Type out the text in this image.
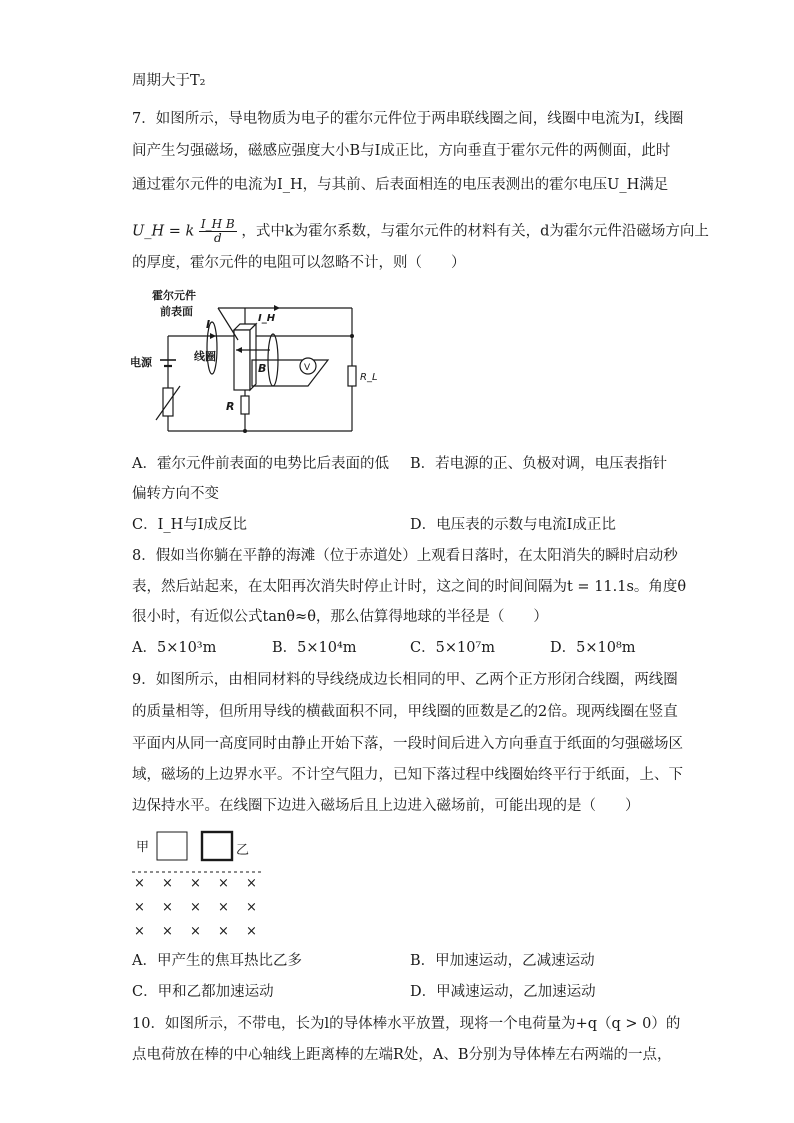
周期大于T₂
7．如图所示，导电物质为电子的霍尔元件位于两串联线圈之间，线圈中电流为I，线圈
间产生匀强磁场，磁感应强度大小B与I成正比，方向垂直于霍尔元件的两侧面，此时
通过霍尔元件的电流为I_H，与其前、后表面相连的电压表测出的霍尔电压U_H满足
U_H = k $\frac{\text{I\_H B}}{d}$ ，式中k为霍尔系数，与霍尔元件的材料有关，d为霍尔元件沿磁场方向上
的厚度，霍尔元件的电阻可以忽略不计，则（　　）
霍尔元件
前表面
I	I_H
电源	线圈
B	V
R
R_L
A．霍尔元件前表面的电势比后表面的低 B．若电源的正、负极对调，电压表指针
偏转方向不变
C．I_H与I成反比	D．电压表的示数与电流I成正比
8．假如当你躺在平静的海滩（位于赤道处）上观看日落时，在太阳消失的瞬时启动秒
表，然后站起来，在太阳再次消失时停止计时，这之间的时间间隔为t = 11.1s。角度θ
很小时，有近似公式tanθ≈θ，那么估算得地球的半径是（　　）
A．5×10³m	B．5×10⁴m	C．5×10⁷m	D．5×10⁸m
9．如图所示，由相同材料的导线绕成边长相同的甲、乙两个正方形闭合线圈，两线圈
的质量相等，但所用导线的横截面积不同，甲线圈的匝数是乙的2倍。现两线圈在竖直
平面内从同一高度同时由静止开始下落，一段时间后进入方向垂直于纸面的匀强磁场区
域，磁场的上边界水平。不计空气阻力，已知下落过程中线圈始终平行于纸面，上、下
边保持水平。在线圈下边进入磁场后且上边进入磁场前，可能出现的是（　　）
甲	乙
× × × × ×
× × × × ×
× × × × ×
A．甲产生的焦耳热比乙多	B．甲加速运动，乙减速运动
C．甲和乙都加速运动	D．甲减速运动，乙加速运动
10．如图所示，不带电，长为l的导体棒水平放置，现将一个电荷量为+q（q > 0）的
点电荷放在棒的中心轴线上距离棒的左端R处，A、B分别为导体棒左右两端的一点，
